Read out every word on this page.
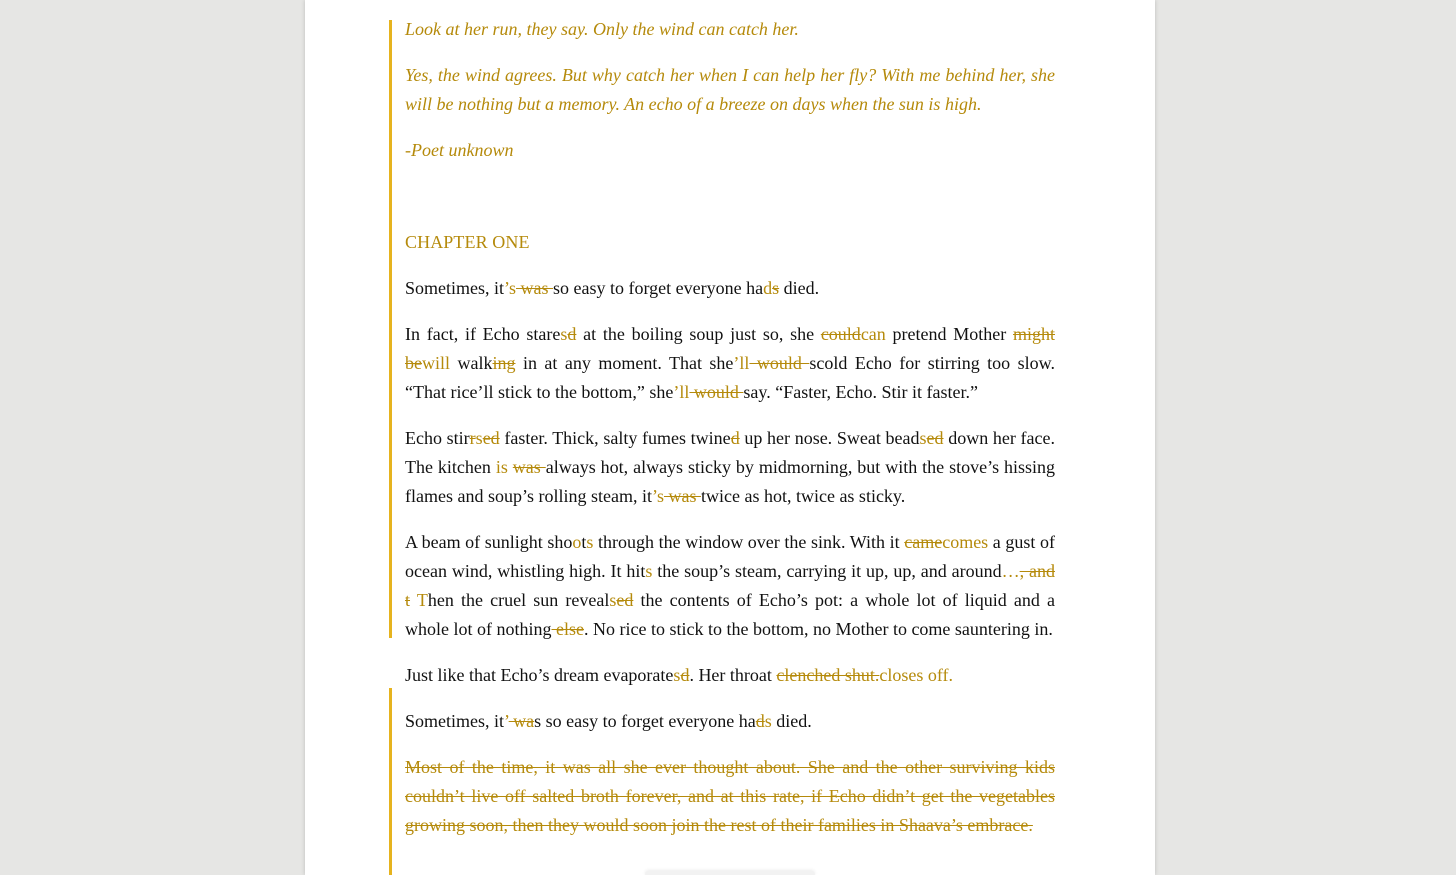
Look at her run, they say. Only the wind can catch her.

Yes, the wind agrees. But why catch her when I can help her fly? With me behind her, she will be nothing but a memory. An echo of a breeze on days when the sun is high.

-Poet unknown

CHAPTER ONE

Sometimes, it’s was so easy to forget everyone hads died.

In fact, if Echo staresd at the boiling soup just so, she couldcan pretend Mother might bewill walking in at any moment. That she’ll would scold Echo for stirring too slow. “That rice’ll stick to the bottom,” she’ll would say. “Faster, Echo. Stir it faster.”

Echo stirrsed faster. Thick, salty fumes twined up her nose. Sweat beadsed down her face. The kitchen is was always hot, always sticky by midmorning, but with the stove’s hissing flames and soup’s rolling steam, it’s was twice as hot, twice as sticky.

A beam of sunlight shoots through the window over the sink. With it camecomes a gust of ocean wind, whistling high. It hits the soup’s steam, carrying it up, up, and around…, and t Then the cruel sun revealsed the contents of Echo’s pot: a whole lot of liquid and a whole lot of nothing else. No rice to stick to the bottom, no Mother to come sauntering in.

Just like that Echo’s dream evaporatesd. Her throat clenched shut.closes off.

Sometimes, it’ was so easy to forget everyone hads died.

Most of the time, it was all she ever thought about. She and the other surviving kids couldn’t live off salted broth forever, and at this rate, if Echo didn’t get the vegetables growing soon, then they would soon join the rest of their families in Shaava’s embrace.
